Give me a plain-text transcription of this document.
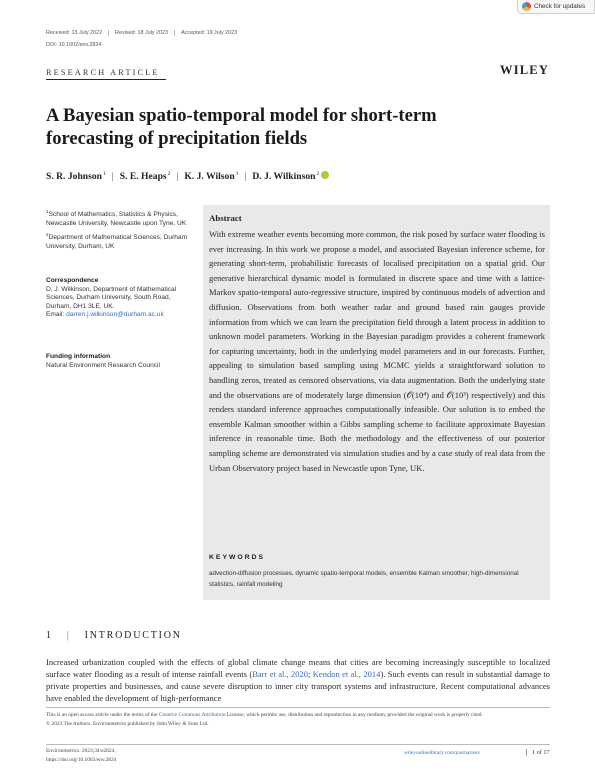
Check for updates
Received: 13 July 2022	Revised: 18 July 2023	Accepted: 19 July 2023
DOI: 10.1002/env.2824
RESEARCH ARTICLE	WILEY
A Bayesian spatio-temporal model for short-term forecasting of precipitation fields
S. R. Johnson$^1$ | S. E. Heaps$^2$ | K. J. Wilson$^1$ | D. J. Wilkinson$^2$
$^1$School of Mathematics, Statistics & Physics, Newcastle University, Newcastle upon Tyne, UK
$^2$Department of Mathematical Sciences, Durham University, Durham, UK
Correspondence
D. J. Wilkinson, Department of Mathematical Sciences, Durham University, South Road, Durham, DH1 3LE, UK.
Email: darren.j.wilkinson@durham.ac.uk
Funding information
Natural Environment Research Council
Abstract
With extreme weather events becoming more common, the risk posed by surface water flooding is ever increasing. In this work we propose a model, and associated Bayesian inference scheme, for generating short-term, probabilistic forecasts of localised precipitation on a spatial grid. Our generative hierarchical dynamic model is formulated in discrete space and time with a lattice-Markov spatio-temporal auto-regressive structure, inspired by continuous models of advection and diffusion. Observations from both weather radar and ground based rain gauges provide information from which we can learn the precipitation field through a latent process in addition to unknown model parameters. Working in the Bayesian paradigm provides a coherent framework for capturing uncertainty, both in the underlying model parameters and in our forecasts. Further, appealing to simulation based sampling using MCMC yields a straightforward solution to handling zeros, treated as censored observations, via data augmentation. Both the underlying state and the observations are of moderately large dimension (𝒪(10⁴) and 𝒪(10³) respectively) and this renders standard inference approaches computationally infeasible. Our solution is to embed the ensemble Kalman smoother within a Gibbs sampling scheme to facilitate approximate Bayesian inference in reasonable time. Both the methodology and the effectiveness of our posterior sampling scheme are demonstrated via simulation studies and by a case study of real data from the Urban Observatory project based in Newcastle upon Tyne, UK.
KEYWORDS
advection-diffusion processes, dynamic spatio-temporal models, ensemble Kalman smoother, high-dimensional statistics, rainfall modeling
1 | INTRODUCTION

Increased urbanization coupled with the effects of global climate change means that cities are becoming increasingly susceptible to localized surface water flooding as a result of intense rainfall events (Barr et al., 2020; Kendon et al., 2014). Such events can result in substantial damage to private properties and businesses, and cause severe disruption to inner city transport systems and infrastructure. Recent computational advances have enabled the development of high-performance

This is an open access article under the terms of the Creative Commons Attribution License, which permits use, distribution and reproduction in any medium, provided the original work is properly cited.
© 2023 The Authors. Environmetrics published by John Wiley & Sons Ltd.
Environmetrics. 2023;34:e2824.
https://doi.org/10.1002/env.2824
wileyonlinelibrary.com/journal/env	1 of 17
